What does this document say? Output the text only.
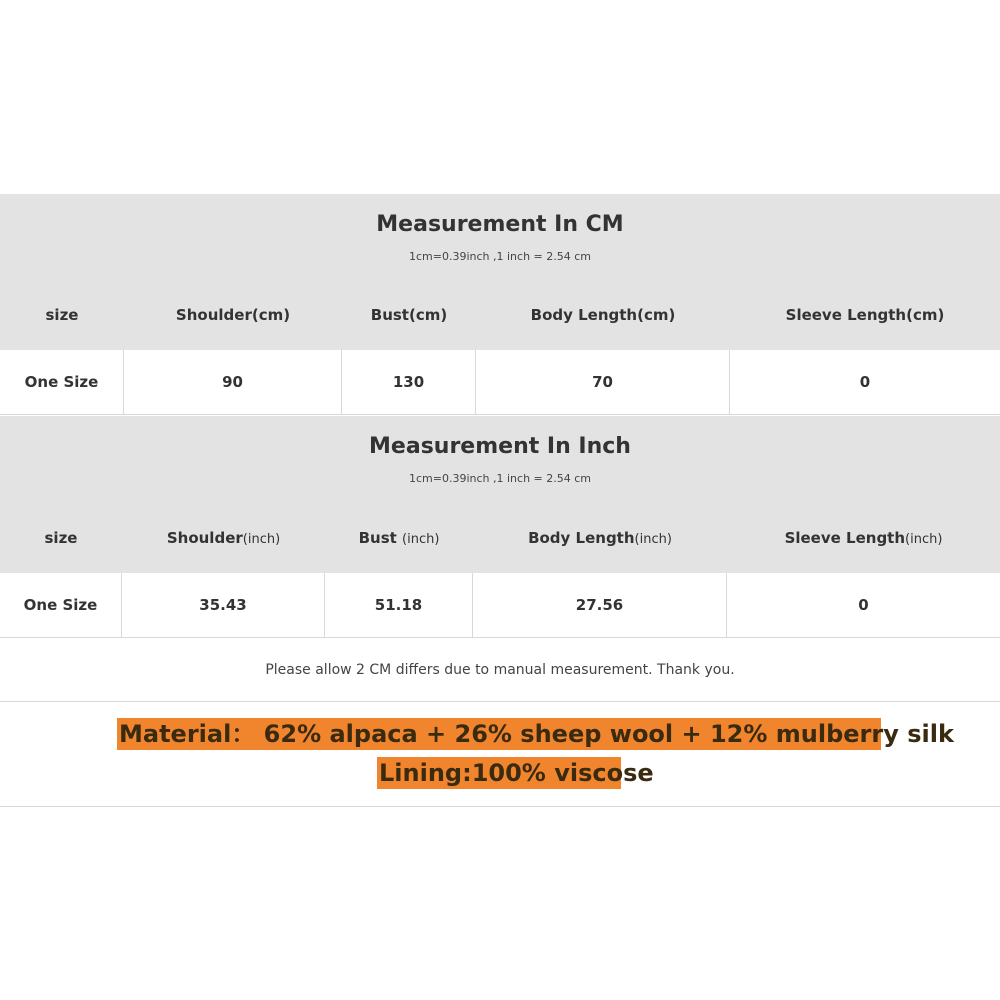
Measurement In CM
1cm=0.39inch ,1 inch = 2.54 cm
size	Shoulder(cm)	Bust(cm)	Body Length(cm)	Sleeve Length(cm)
One Size	90	130	70	0
Measurement In Inch
1cm=0.39inch ,1 inch = 2.54 cm
size	Shoulder(inch)	Bust (inch)	Body Length(inch)	Sleeve Length(inch)
One Size	35.43	51.18	27.56	0
Please allow 2 CM differs due to manual measurement. Thank you.
Material： 62% alpaca + 26% sheep wool + 12% mulberry silk
Lining:100% viscose
